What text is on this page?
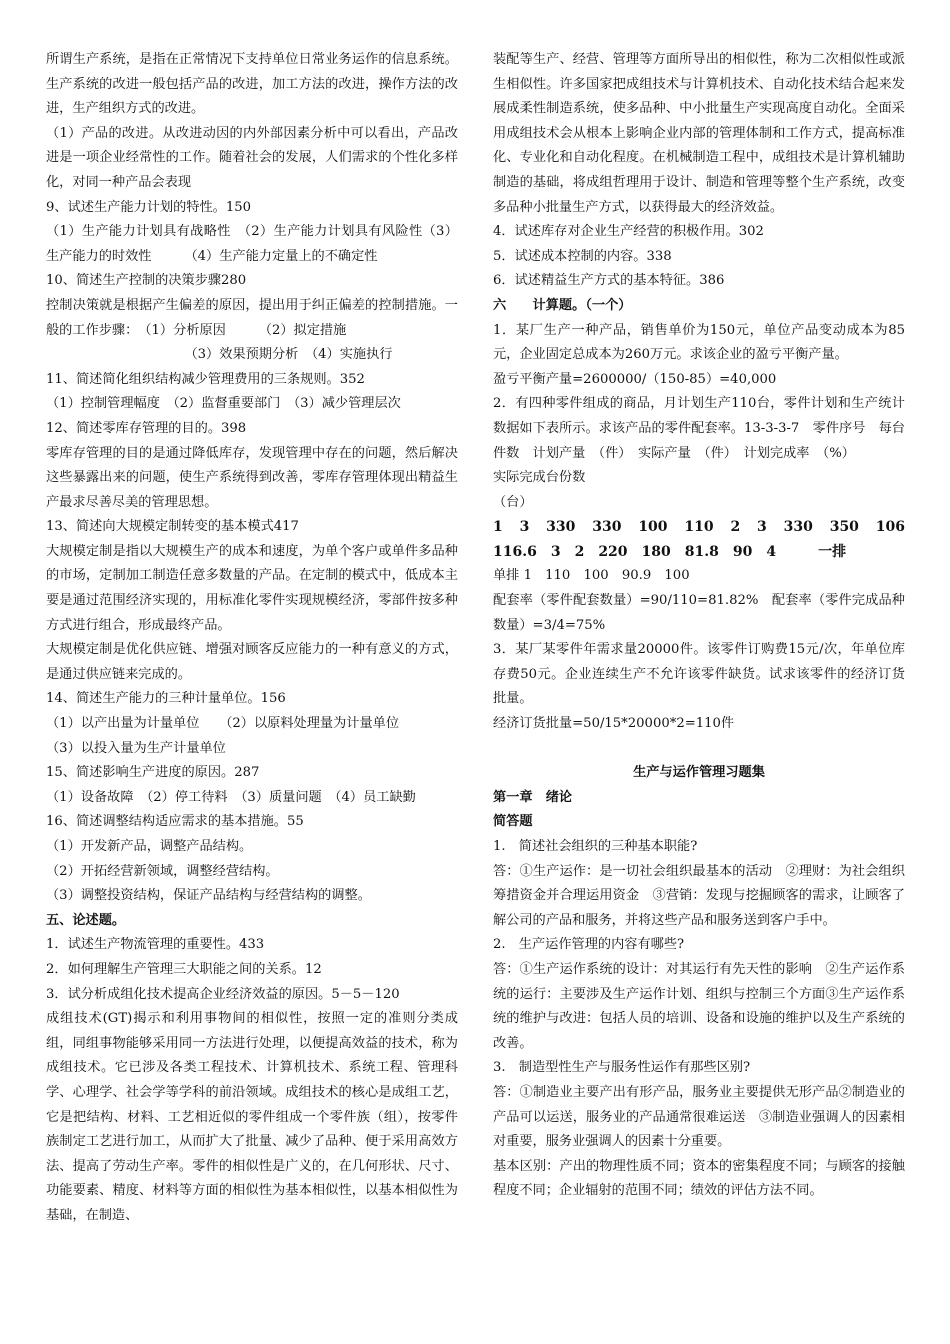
所谓生产系统，是指在正常情况下支持单位日常业务运作的信息系统。生产系统的改进一般包括产品的改进，加工方法的改进，操作方法的改进，生产组织方式的改进。

（1）产品的改进。从改进动因的内外部因素分析中可以看出，产品改进是一项企业经常性的工作。随着社会的发展，人们需求的个性化多样化，对同一种产品会表现

9、试述生产能力计划的特性。150

（1）生产能力计划具有战略性　（2）生产能力计划具有风险性（3）生产能力的时效性　　　（4）生产能力定量上的不确定性

10、简述生产控制的决策步骤280

控制决策就是根据产生偏差的原因，提出用于纠正偏差的控制措施。一般的工作步骤：　（1）分析原因　　　（2）拟定措施

　　　　　　　　　　　（3）效果预期分析　（4）实施执行

11、简述简化组织结构减少管理费用的三条规则。352

（1）控制管理幅度　（2）监督重要部门　（3）减少管理层次

12、简述零库存管理的目的。398

零库存管理的目的是通过降低库存，发现管理中存在的问题，然后解决这些暴露出来的问题，使生产系统得到改善，零库存管理体现出精益生产最求尽善尽美的管理思想。

13、简述向大规模定制转变的基本模式417

大规模定制是指以大规模生产的成本和速度，为单个客户或单件多品种的市场，定制加工制造任意多数量的产品。在定制的模式中，低成本主要是通过范围经济实现的，用标准化零件实现规模经济，零部件按多种方式进行组合，形成最终产品。

大规模定制是优化供应链、增强对顾客反应能力的一种有意义的方式，是通过供应链来完成的。

14、简述生产能力的三种计量单位。156

（1）以产出量为计量单位　　（2）以原料处理量为计量单位

（3）以投入量为生产计量单位

15、简述影响生产进度的原因。287

（1）设备故障　（2）停工待料　（3）质量问题　（4）员工缺勤

16、简述调整结构适应需求的基本措施。55

（1）开发新产品，调整产品结构。

（2）开拓经营新领域，调整经营结构。

（3）调整投资结构，保证产品结构与经营结构的调整。

五、论述题。

1．试述生产物流管理的重要性。433

2．如何理解生产管理三大职能之间的关系。12

3．试分析成组化技术提高企业经济效益的原因。5－5－120

成组技术(GT)揭示和利用事物间的相似性，按照一定的准则分类成组，同组事物能够采用同一方法进行处理，以便提高效益的技术，称为成组技术。它已涉及各类工程技术、计算机技术、系统工程、管理科学、心理学、社会学等学科的前沿领域。成组技术的核心是成组工艺，它是把结构、材料、工艺相近似的零件组成一个零件族（组），按零件族制定工艺进行加工，从而扩大了批量、减少了品种、便于采用高效方法、提高了劳动生产率。零件的相似性是广义的，在几何形状、尺寸、功能要素、精度、材料等方面的相似性为基本相似性，以基本相似性为基础，在制造、

装配等生产、经营、管理等方面所导出的相似性，称为二次相似性或派生相似性。许多国家把成组技术与计算机技术、自动化技术结合起来发展成柔性制造系统，使多品种、中小批量生产实现高度自动化。全面采用成组技术会从根本上影响企业内部的管理体制和工作方式，提高标准化、专业化和自动化程度。在机械制造工程中，成组技术是计算机辅助制造的基础，将成组哲理用于设计、制造和管理等整个生产系统，改变多品种小批量生产方式，以获得最大的经济效益。

4．试述库存对企业生产经营的积极作用。302

5．试述成本控制的内容。338

6．试述精益生产方式的基本特征。386

六　　计算题。（一个）

1．某厂生产一种产品，销售单价为150元，单位产品变动成本为85元，企业固定总成本为260万元。求该企业的盈亏平衡产量。

盈亏平衡产量=2600000/（150-85）=40,000

2．有四种零件组成的商品，月计划生产110台，零件计划和生产统计数据如下表所示。求该产品的零件配套率。13-3-3-7　零件序号　每台　件数　计划产量　（件）　实际产量　（件）　计划完成率　（%）

实际完成台份数

（台）

1　3　330　330　100　110　2　3　330　350　106　116.6　3　2　220　180　81.8　90　4　　　一排

单排 1　110　100　90.9　100

配套率（零件配套数量）=90/110=81.82%　配套率（零件完成品种数量）=3/4=75%

3．某厂某零件年需求量20000件。该零件订购费15元/次，年单位库存费50元。企业连续生产不允许该零件缺货。试求该零件的经济订货批量。

经济订货批量=50/15*20000*2=110件

生产与运作管理习题集

第一章　绪论

简答题

1.　简述社会组织的三种基本职能?

答：①生产运作：是一切社会组织最基本的活动　②理财：为社会组织筹措资金并合理运用资金　③营销：发现与挖掘顾客的需求，让顾客了解公司的产品和服务，并将这些产品和服务送到客户手中。

2.　生产运作管理的内容有哪些?

答：①生产运作系统的设计：对其运行有先天性的影响　②生产运作系统的运行：主要涉及生产运作计划、组织与控制三个方面③生产运作系统的维护与改进：包括人员的培训、设备和设施的维护以及生产系统的改善。

3.　制造型性生产与服务性运作有那些区别?

答：①制造业主要产出有形产品，服务业主要提供无形产品②制造业的产品可以运送，服务业的产品通常很难运送　③制造业强调人的因素相对重要，服务业强调人的因素十分重要。

基本区别：产出的物理性质不同；资本的密集程度不同；与顾客的接触程度不同；企业辐射的范围不同；绩效的评估方法不同。
